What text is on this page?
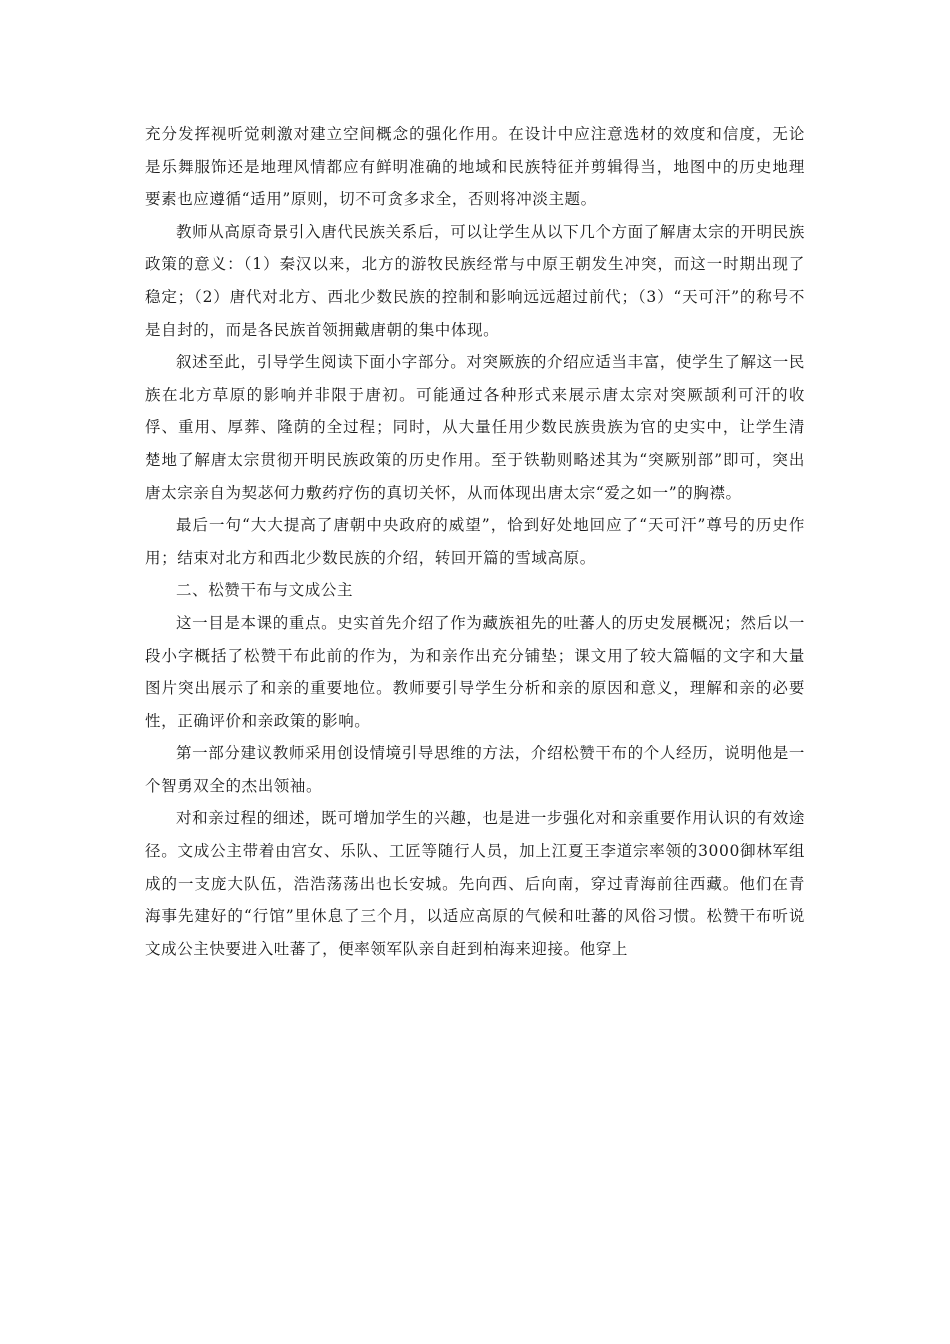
充分发挥视听觉刺激对建立空间概念的强化作用。在设计中应注意选材的效度和信度，无论是乐舞服饰还是地理风情都应有鲜明准确的地域和民族特征并剪辑得当，地图中的历史地理要素也应遵循“适用”原则，切不可贪多求全，否则将冲淡主题。

教师从高原奇景引入唐代民族关系后，可以让学生从以下几个方面了解唐太宗的开明民族政策的意义：（1）秦汉以来，北方的游牧民族经常与中原王朝发生冲突，而这一时期出现了稳定；（2）唐代对北方、西北少数民族的控制和影响远远超过前代；（3）“天可汗”的称号不是自封的，而是各民族首领拥戴唐朝的集中体现。

叙述至此，引导学生阅读下面小字部分。对突厥族的介绍应适当丰富，使学生了解这一民族在北方草原的影响并非限于唐初。可能通过各种形式来展示唐太宗对突厥颉利可汗的收俘、重用、厚葬、隆荫的全过程；同时，从大量任用少数民族贵族为官的史实中，让学生清楚地了解唐太宗贯彻开明民族政策的历史作用。至于铁勒则略述其为“突厥别部”即可，突出唐太宗亲自为契苾何力敷药疗伤的真切关怀，从而体现出唐太宗“爱之如一”的胸襟。

最后一句“大大提高了唐朝中央政府的威望”，恰到好处地回应了“天可汗”尊号的历史作用；结束对北方和西北少数民族的介绍，转回开篇的雪域高原。

二、松赞干布与文成公主

这一目是本课的重点。史实首先介绍了作为藏族祖先的吐蕃人的历史发展概况；然后以一段小字概括了松赞干布此前的作为，为和亲作出充分铺垫；课文用了较大篇幅的文字和大量图片突出展示了和亲的重要地位。教师要引导学生分析和亲的原因和意义，理解和亲的必要性，正确评价和亲政策的影响。

第一部分建议教师采用创设情境引导思维的方法，介绍松赞干布的个人经历，说明他是一个智勇双全的杰出领袖。

对和亲过程的细述，既可增加学生的兴趣，也是进一步强化对和亲重要作用认识的有效途径。文成公主带着由宫女、乐队、工匠等随行人员，加上江夏王李道宗率领的3000御林军组成的一支庞大队伍，浩浩荡荡出也长安城。先向西、后向南，穿过青海前往西藏。他们在青海事先建好的“行馆”里休息了三个月，以适应高原的气候和吐蕃的风俗习惯。松赞干布听说文成公主快要进入吐蕃了，便率领军队亲自赶到柏海来迎接。他穿上
